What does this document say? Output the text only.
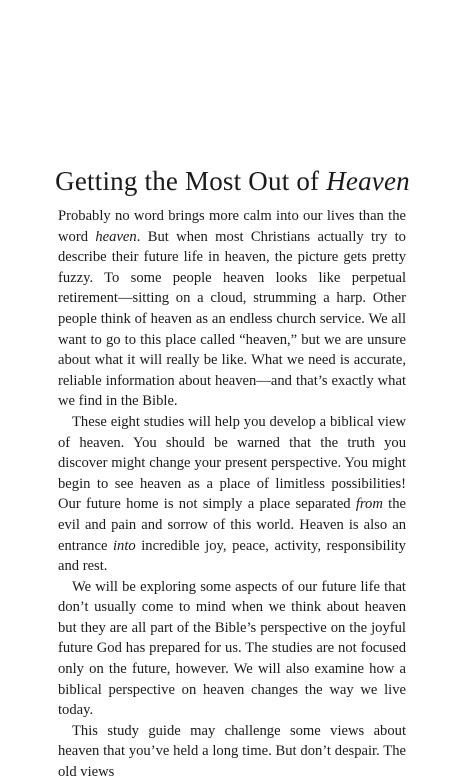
Getting the Most Out of Heaven

Probably no word brings more calm into our lives than the word heaven. But when most Christians actually try to describe their future life in heaven, the picture gets pretty fuzzy. To some people heaven looks like perpetual retirement—sitting on a cloud, strumming a harp. Other people think of heaven as an endless church service. We all want to go to this place called “heaven,” but we are unsure about what it will really be like. What we need is accurate, reliable information about heaven—and that’s exactly what we find in the Bible.

These eight studies will help you develop a biblical view of heaven. You should be warned that the truth you discover might change your present perspective. You might begin to see heaven as a place of limitless possibilities! Our future home is not simply a place separated from the evil and pain and sorrow of this world. Heaven is also an entrance into incredible joy, peace, activity, responsibility and rest.

We will be exploring some aspects of our future life that don’t usually come to mind when we think about heaven but they are all part of the Bible’s perspective on the joyful future God has prepared for us. The studies are not focused only on the future, however. We will also examine how a biblical perspective on heaven changes the way we live today.

This study guide may challenge some views about heaven that you’ve held a long time. But don’t despair. The old views
